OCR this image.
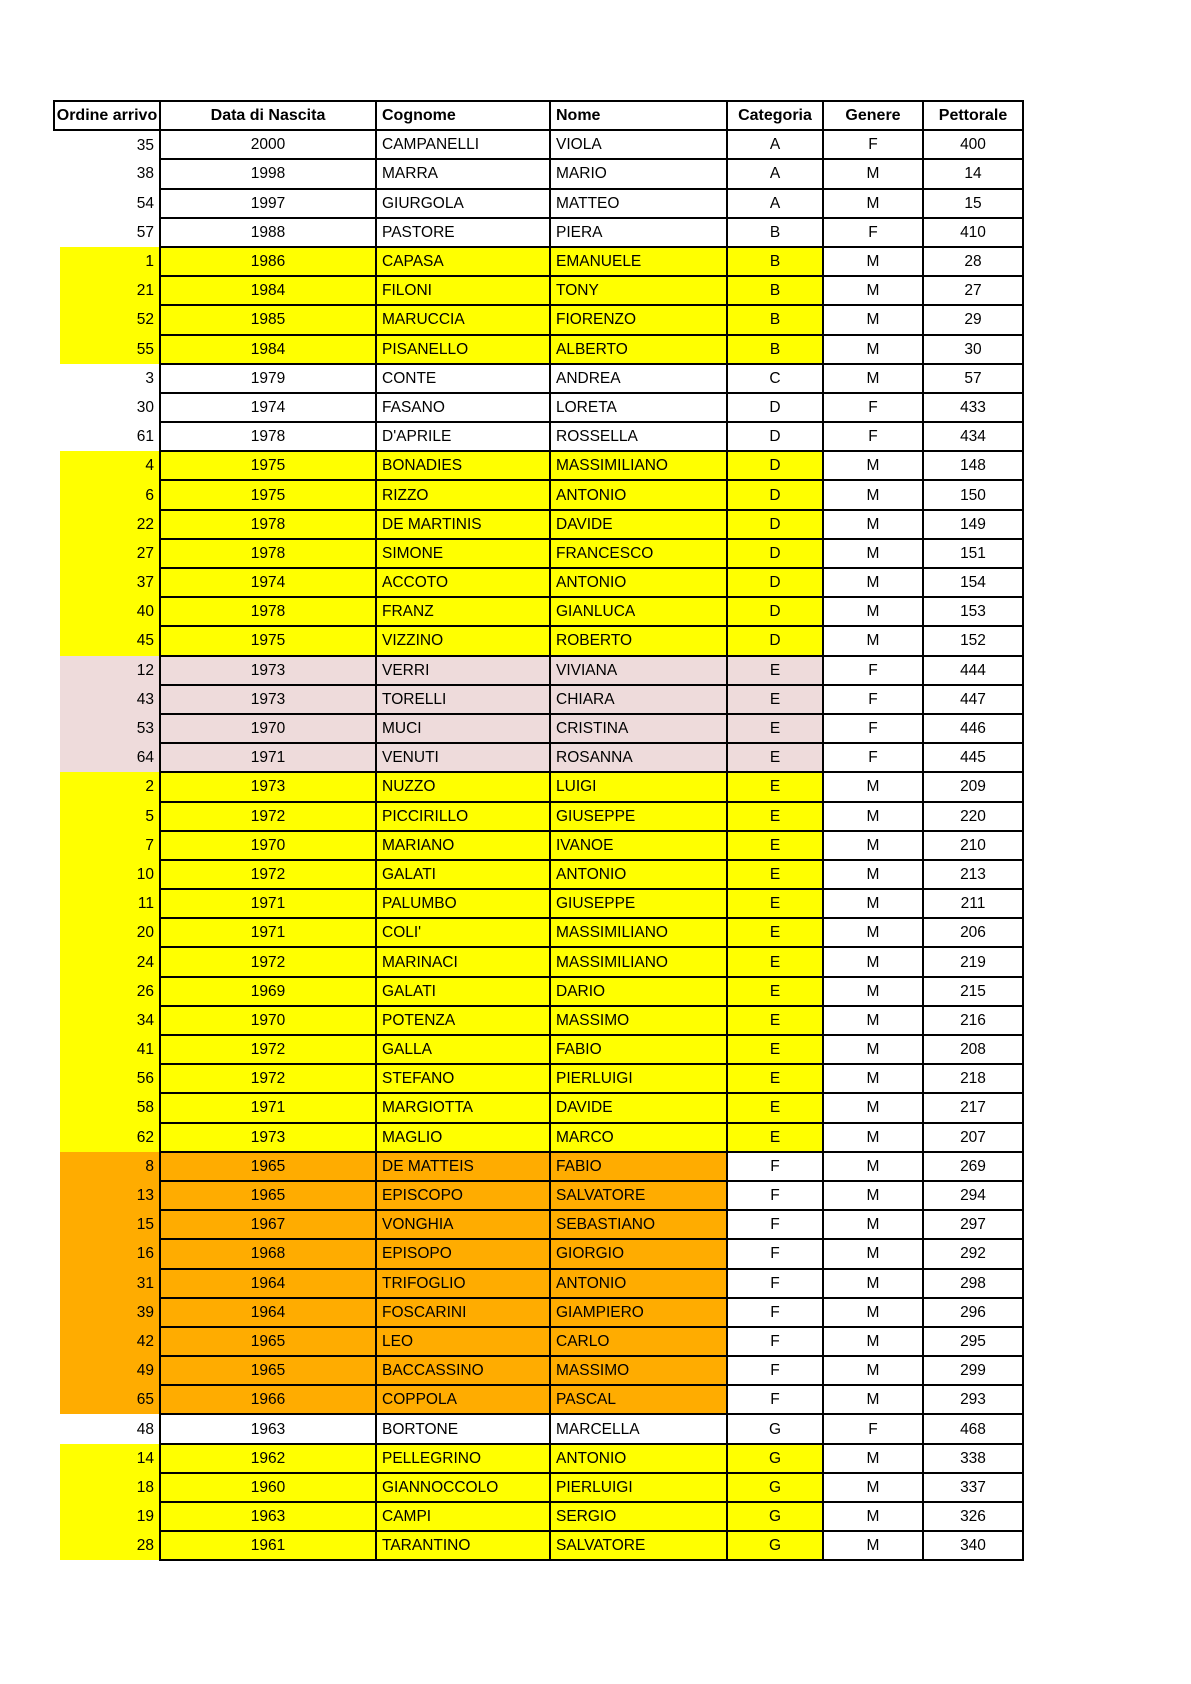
Ordine arrivo	Data di Nascita	Cognome	Nome	Categoria	Genere	Pettorale

35	2000	CAMPANELLI	VIOLA	A	F	400

38	1998	MARRA	MARIO	A	M	14

54	1997	GIURGOLA	MATTEO	A	M	15

57	1988	PASTORE	PIERA	B	F	410

1	1986	CAPASA	EMANUELE	B	M	28

21	1984	FILONI	TONY	B	M	27

52	1985	MARUCCIA	FIORENZO	B	M	29

55	1984	PISANELLO	ALBERTO	B	M	30

3	1979	CONTE	ANDREA	C	M	57

30	1974	FASANO	LORETA	D	F	433

61	1978	D'APRILE	ROSSELLA	D	F	434

4	1975	BONADIES	MASSIMILIANO	D	M	148

6	1975	RIZZO	ANTONIO	D	M	150

22	1978	DE MARTINIS	DAVIDE	D	M	149

27	1978	SIMONE	FRANCESCO	D	M	151

37	1974	ACCOTO	ANTONIO	D	M	154

40	1978	FRANZ	GIANLUCA	D	M	153

45	1975	VIZZINO	ROBERTO	D	M	152

12	1973	VERRI	VIVIANA	E	F	444

43	1973	TORELLI	CHIARA	E	F	447

53	1970	MUCI	CRISTINA	E	F	446

64	1971	VENUTI	ROSANNA	E	F	445

2	1973	NUZZO	LUIGI	E	M	209

5	1972	PICCIRILLO	GIUSEPPE	E	M	220

7	1970	MARIANO	IVANOE	E	M	210

10	1972	GALATI	ANTONIO	E	M	213

11	1971	PALUMBO	GIUSEPPE	E	M	211

20	1971	COLI'	MASSIMILIANO	E	M	206

24	1972	MARINACI	MASSIMILIANO	E	M	219

26	1969	GALATI	DARIO	E	M	215

34	1970	POTENZA	MASSIMO	E	M	216

41	1972	GALLA	FABIO	E	M	208

56	1972	STEFANO	PIERLUIGI	E	M	218

58	1971	MARGIOTTA	DAVIDE	E	M	217

62	1973	MAGLIO	MARCO	E	M	207

8	1965	DE MATTEIS	FABIO	F	M	269

13	1965	EPISCOPO	SALVATORE	F	M	294

15	1967	VONGHIA	SEBASTIANO	F	M	297

16	1968	EPISOPO	GIORGIO	F	M	292

31	1964	TRIFOGLIO	ANTONIO	F	M	298

39	1964	FOSCARINI	GIAMPIERO	F	M	296

42	1965	LEO	CARLO	F	M	295

49	1965	BACCASSINO	MASSIMO	F	M	299

65	1966	COPPOLA	PASCAL	F	M	293

48	1963	BORTONE	MARCELLA	G	F	468

14	1962	PELLEGRINO	ANTONIO	G	M	338

18	1960	GIANNOCCOLO	PIERLUIGI	G	M	337

19	1963	CAMPI	SERGIO	G	M	326

28	1961	TARANTINO	SALVATORE	G	M	340
